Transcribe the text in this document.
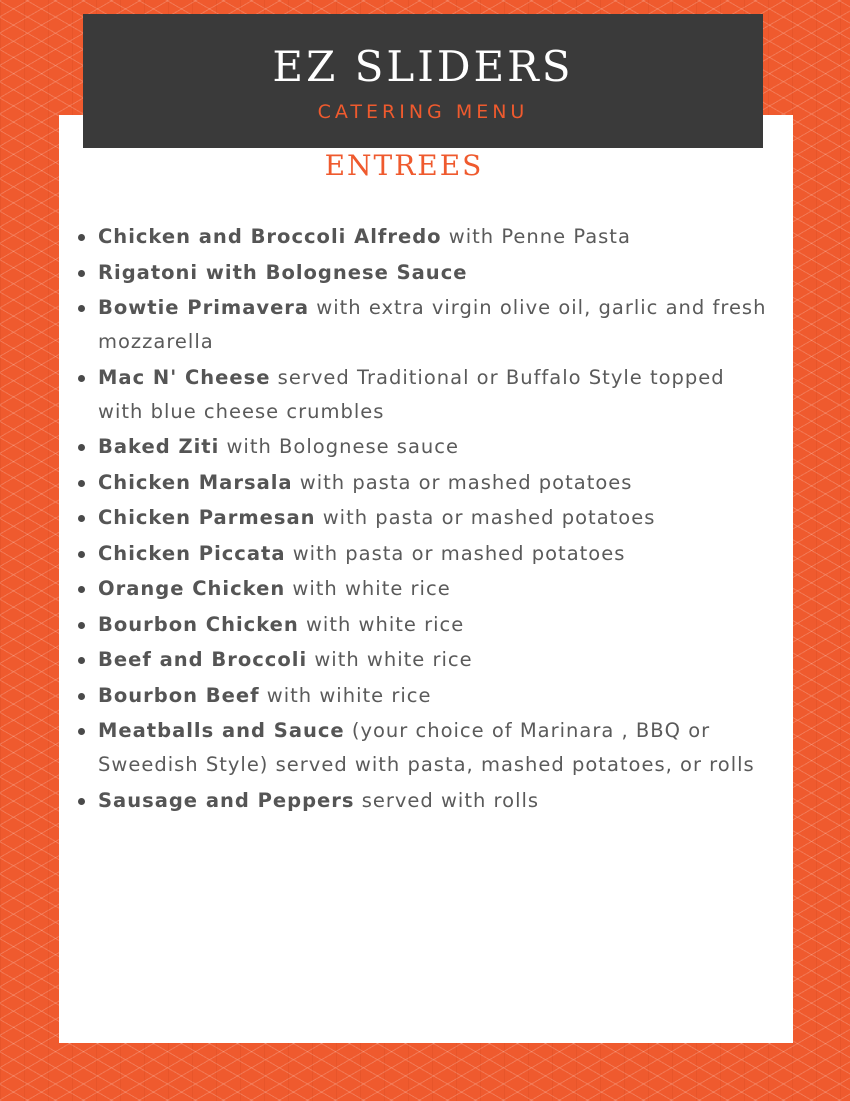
EZ SLIDERS
CATERING MENU
ENTREES
Chicken and Broccoli Alfredo with Penne Pasta
Rigatoni with Bolognese Sauce
Bowtie Primavera with extra virgin olive oil, garlic and fresh mozzarella
Mac N' Cheese served Traditional or Buffalo Style topped with blue cheese crumbles
Baked Ziti with Bolognese sauce
Chicken Marsala with pasta or mashed potatoes
Chicken Parmesan with pasta or mashed potatoes
Chicken Piccata with pasta or mashed potatoes
Orange Chicken with white rice
Bourbon Chicken with white rice
Beef and Broccoli with white rice
Bourbon Beef with wihite rice
Meatballs and Sauce (your choice of Marinara , BBQ or Sweedish Style) served with pasta, mashed potatoes, or rolls
Sausage and Peppers served with rolls
